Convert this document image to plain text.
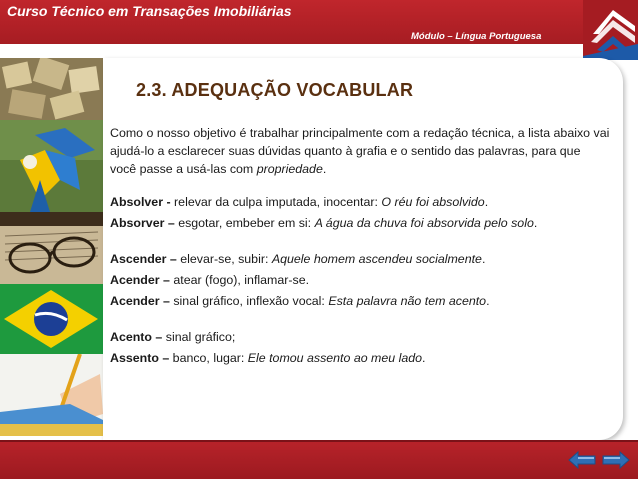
Curso Técnico em Transações Imobiliárias
Módulo – Língua Portuguesa
2.3. ADEQUAÇÃO VOCABULAR

Como o nosso objetivo é trabalhar principalmente com a redação técnica, a lista abaixo vai ajudá-lo a esclarecer suas dúvidas quanto à grafia e o sentido das palavras, para que você passe a usá-las com propriedade.

Absolver - relevar da culpa imputada, inocentar: O réu foi absolvido.
Absorver – esgotar, embeber em si: A água da chuva foi absorvida pelo solo.
Ascender – elevar-se, subir: Aquele homem ascendeu socialmente.
Acender – atear (fogo), inflamar-se.
Acender – sinal gráfico, inflexão vocal: Esta palavra não tem acento.
Acento – sinal gráfico;
Assento – banco, lugar: Ele tomou assento ao meu lado.
